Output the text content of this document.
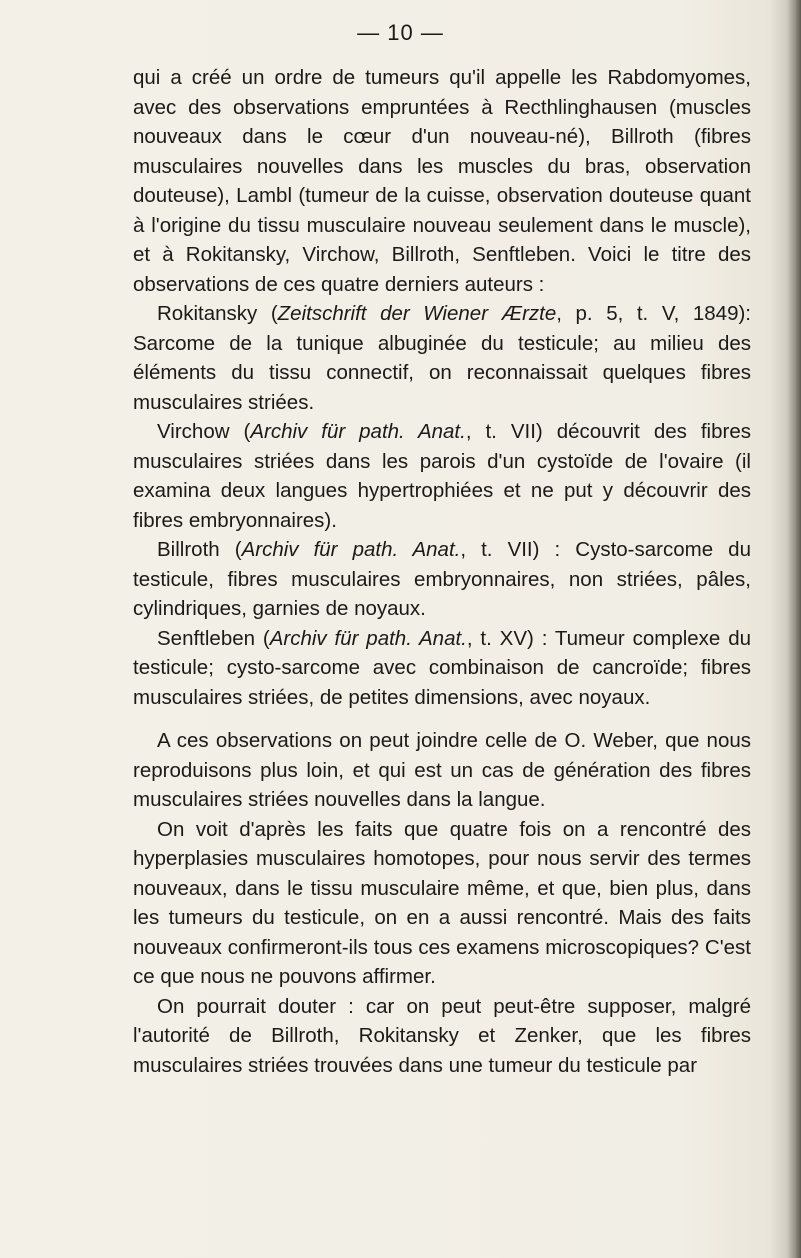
— 10 —

qui a créé un ordre de tumeurs qu'il appelle les Rabdomyomes, avec des observations empruntées à Recthlinghausen (muscles nouveaux dans le cœur d'un nouveau-né), Billroth (fibres musculaires nouvelles dans les muscles du bras, observation douteuse), Lambl (tumeur de la cuisse, observation douteuse quant à l'origine du tissu musculaire nouveau seulement dans le muscle), et à Rokitansky, Virchow, Billroth, Senftleben. Voici le titre des observations de ces quatre derniers auteurs :

Rokitansky (Zeitschrift der Wiener Ærzte, p. 5, t. V, 1849): Sarcome de la tunique albuginée du testicule; au milieu des éléments du tissu connectif, on reconnaissait quelques fibres musculaires striées.

Virchow (Archiv für path. Anat., t. VII) découvrit des fibres musculaires striées dans les parois d'un cystoïde de l'ovaire (il examina deux langues hypertrophiées et ne put y découvrir des fibres embryonnaires).

Billroth (Archiv für path. Anat., t. VII) : Cysto-sarcome du testicule, fibres musculaires embryonnaires, non striées, pâles, cylindriques, garnies de noyaux.

Senftleben (Archiv für path. Anat., t. XV) : Tumeur complexe du testicule; cysto-sarcome avec combinaison de cancroïde; fibres musculaires striées, de petites dimensions, avec noyaux.

A ces observations on peut joindre celle de O. Weber, que nous reproduisons plus loin, et qui est un cas de génération des fibres musculaires striées nouvelles dans la langue.

On voit d'après les faits que quatre fois on a rencontré des hyperplasies musculaires homotopes, pour nous servir des termes nouveaux, dans le tissu musculaire même, et que, bien plus, dans les tumeurs du testicule, on en a aussi rencontré. Mais des faits nouveaux confirmeront-ils tous ces examens microscopiques? C'est ce que nous ne pouvons affirmer.

On pourrait douter : car on peut peut-être supposer, malgré l'autorité de Billroth, Rokitansky et Zenker, que les fibres musculaires striées trouvées dans une tumeur du testicule par
